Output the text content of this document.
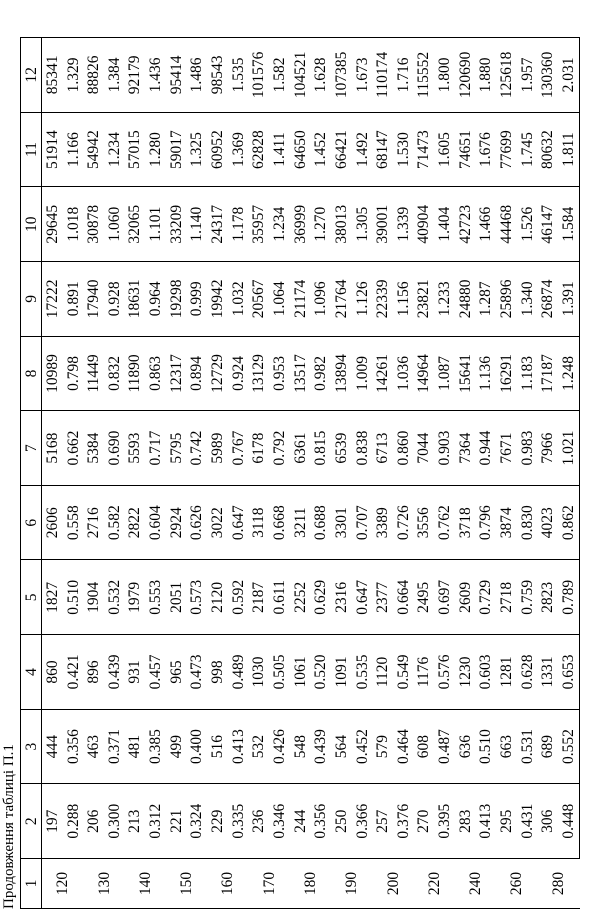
Продовження таблиці П.1 1	2	3	4	5	6	7	8	9	10	11	12
120	197	444	860	1827	2606	5168	10989	17222	29645	51914	85341
	0.288	0.356	0.421	0.510	0.558	0.662	0.798	0.891	1.018	1.166	1.329
130	206	463	896	1904	2716	5384	11449	17940	30878	54942	88826
	0.300	0.371	0.439	0.532	0.582	0.690	0.832	0.928	1.060	1.234	1.384
140	213	481	931	1979	2822	5593	11890	18631	32065	57015	92179
	0.312	0.385	0.457	0.553	0.604	0.717	0.863	0.964	1.101	1.280	1.436
150	221	499	965	2051	2924	5795	12317	19298	33209	59017	95414
	0.324	0.400	0.473	0.573	0.626	0.742	0.894	0.999	1.140	1.325	1.486
160	229	516	998	2120	3022	5989	12729	19942	24317	60952	98543
	0.335	0.413	0.489	0.592	0.647	0.767	0.924	1.032	1.178	1.369	1.535
170	236	532	1030	2187	3118	6178	13129	20567	35957	62828	101576
	0.346	0.426	0.505	0.611	0.668	0.792	0.953	1.064	1.234	1.411	1.582
180	244	548	1061	2252	3211	6361	13517	21174	36999	64650	104521
	0.356	0.439	0.520	0.629	0.688	0.815	0.982	1.096	1.270	1.452	1.628
190	250	564	1091	2316	3301	6539	13894	21764	38013	66421	107385
	0.366	0.452	0.535	0.647	0.707	0.838	1.009	1.126	1.305	1.492	1.673
200	257	579	1120	2377	3389	6713	14261	22339	39001	68147	110174
	0.376	0.464	0.549	0.664	0.726	0.860	1.036	1.156	1.339	1.530	1.716
220	270	608	1176	2495	3556	7044	14964	23821	40904	71473	115552
	0.395	0.487	0.576	0.697	0.762	0.903	1.087	1.233	1.404	1.605	1.800
240	283	636	1230	2609	3718	7364	15641	24880	42723	74651	120690
	0.413	0.510	0.603	0.729	0.796	0.944	1.136	1.287	1.466	1.676	1.880
260	295	663	1281	2718	3874	7671	16291	25896	44468	77699	125618
	0.431	0.531	0.628	0.759	0.830	0.983	1.183	1.340	1.526	1.745	1.957
280	306	689	1331	2823	4023	7966	17187	26874	46147	80632	130360
	0.448	0.552	0.653	0.789	0.862	1.021	1.248	1.391	1.584	1.811	2.031
